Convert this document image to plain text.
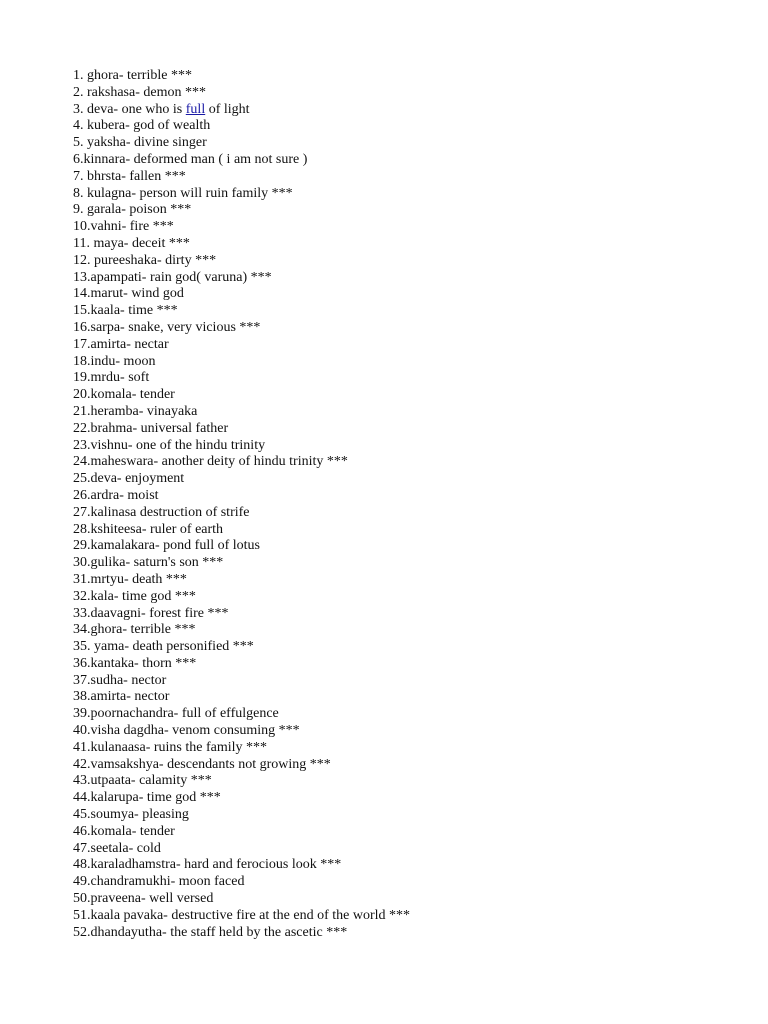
1. ghora- terrible ***
2. rakshasa- demon ***
3. deva- one who is full of light
4. kubera- god of wealth
5. yaksha- divine singer
6.kinnara- deformed man ( i am not sure )
7. bhrsta- fallen ***
8. kulagna- person will ruin family ***
9. garala- poison ***
10.vahni- fire ***
11. maya- deceit ***
12. pureeshaka- dirty ***
13.apampati- rain god( varuna) ***
14.marut- wind god
15.kaala- time ***
16.sarpa- snake, very vicious ***
17.amirta- nectar
18.indu- moon
19.mrdu- soft
20.komala- tender
21.heramba- vinayaka
22.brahma- universal father
23.vishnu- one of the hindu trinity
24.maheswara- another deity of hindu trinity ***
25.deva- enjoyment
26.ardra- moist
27.kalinasa destruction of strife
28.kshiteesa- ruler of earth
29.kamalakara- pond full of lotus
30.gulika- saturn's son ***
31.mrtyu- death ***
32.kala- time god ***
33.daavagni- forest fire ***
34.ghora- terrible ***
35. yama- death personified ***
36.kantaka- thorn ***
37.sudha- nector
38.amirta- nector
39.poornachandra- full of effulgence
40.visha dagdha- venom consuming ***
41.kulanaasa- ruins the family ***
42.vamsakshya- descendants not growing ***
43.utpaata- calamity ***
44.kalarupa- time god ***
45.soumya- pleasing
46.komala- tender
47.seetala- cold
48.karaladhamstra- hard and ferocious look ***
49.chandramukhi- moon faced
50.praveena- well versed
51.kaala pavaka- destructive fire at the end of the world ***
52.dhandayutha- the staff held by the ascetic ***
